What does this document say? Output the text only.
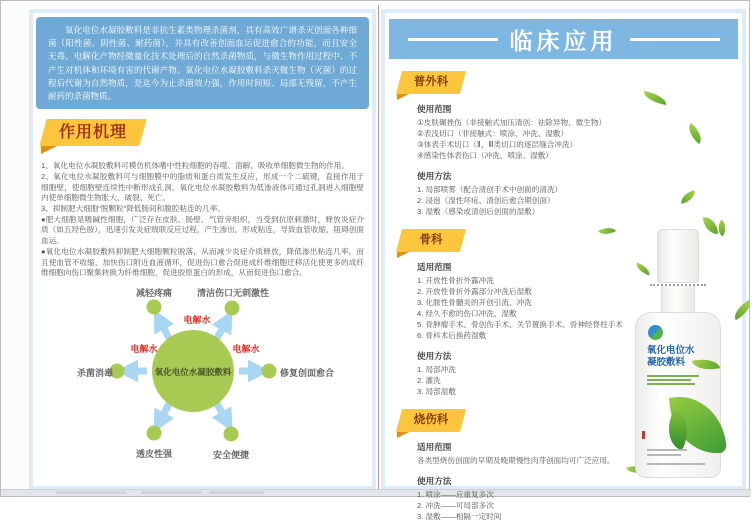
氧化电位水凝胶敷料是非抗生素类物理杀菌剂，具有高效广谱杀灭创面各种细菌（阳性菌、阴性菌、耐药菌），并具有改善创面血运促进愈合的功能，而且安全无毒。电解化产物经微量化技术处理后的自然杀菌物质，与微生物作用过程中、不产生对机体和环境有害的代谢产物。氧化电位水凝胶敷料杀灭微生物（灭菌）的过程后代谢为自然物质，是迄今为止杀菌效力强，作用时间短、局部无残留，不产生耐药的杀菌物质。

作用机理

1、氧化电位水凝胶敷料可模仿机体嗜中性粒细胞的吞噬、溶解、吸收单细胞微生物的作用。

2、氧化电位水凝胶敷料可与细胞膜中的脂质和蛋白质发生反应，形成一个二硫键，直接作用于细胞壁，使细胞壁连续性中断形成孔洞。氧化电位水凝胶敷料为低渗液体可通过孔洞进入细胞壁内使单细胞微生物胀大、破裂、死亡。

3、抑制肥大细胞“脱颗粒”降低肠间和腹腔粘连的几率。

●肥大细胞是嗜碱性细胞，广泛存在皮肤、肠壁、气管旁组织，当受到抗原刺激时，释放炎症介质（如五羟色胺），迅速引发炎症级联反应过程，产生渗出，形成粘连，导致血管收缩，阻碍创面血运。

●氧化电位水凝胶敷料抑制肥大细胞颗粒脱落，从而减少炎症介质释放，降低渗出粘连几率，而且使血管不收缩，加快伤口附近血液循环，促进伤口愈合促进成纤维细胞迁移活化使更多的成纤维细胞向伤口聚集转换为纤维细胞，促进胶原蛋白的形成，从而促进伤口愈合。

氧化电位水凝胶敷料
减轻疼痛	清洁伤口无刺激性
杀菌消毒	修复创面愈合
透皮性强	安全便捷
电解水
电解水	电解水
临床应用
普外科
使用范围

①皮肤碾挫伤（非接触式加压清创：祛除异物、微生物）

②表浅切口（非接触式：喷涂、冲洗、湿敷）

③体表手术切口（Ⅱ、Ⅲ类切口的逐层缝合冲洗）

④感染性体表伤口（冲洗、喷涂、湿敷）

使用方法

1. 局部喷雾（配合清创手术中创面的清洗）

2. 浸泡（湿性坏疽、清创后愈合期创面）

3. 湿敷（感染或清创后创面的湿敷）

骨科
适用范围

1. 开放性骨折外露冲洗

2. 开放性骨折外露部分冲洗后湿敷

3. 化脓性骨髓炎的开创引流、冲洗

4. 经久不愈的伤口冲洗、湿敷

5. 骨肿瘤手术、骨创伤手术、关节置换手术、骨神经脊柱手术

6. 骨科术后换药湿敷

使用方法

1. 局部冲洗

2. 灌洗

3. 局部湿敷

烧伤科
适用范围

各类型烧伤创面的早期及晚期慢性肉芽创面均可广泛应用。

使用方法

1. 喷涂——应重复多次

2. 冲洗——可局部多次

3. 湿敷——相隔一定时间

氧化电位水
凝胶敷料
